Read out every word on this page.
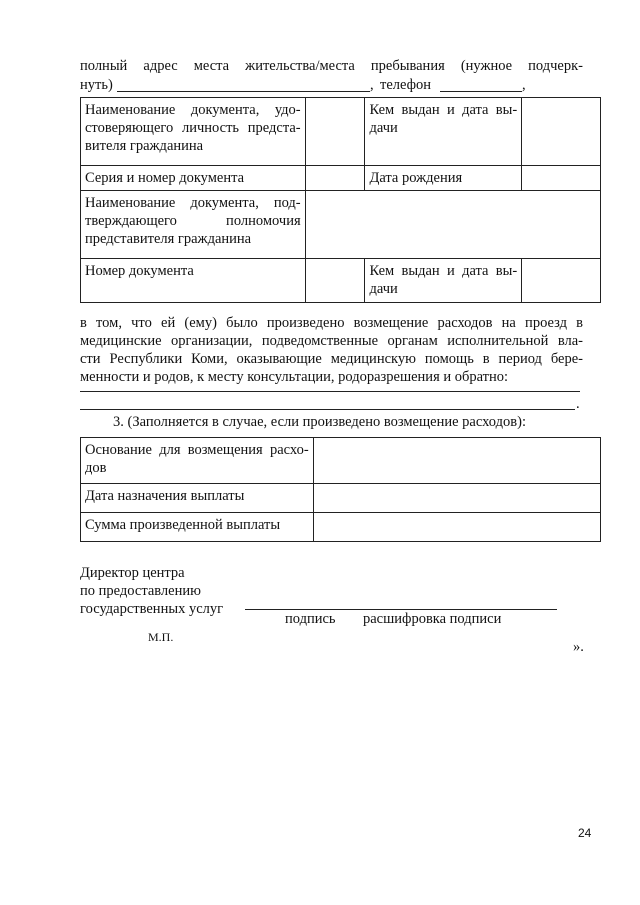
полный адрес места жительства/места пребывания (нужное подчерк-
нуть)	, телефон	,
Наименование документа, удо-
стоверяющего личность предста-
вителя гражданина		Кем выдан и дата вы-
дачи	
Серия и номер документа		Дата рождения	

Наименование документа, под-
тверждающего полномочия
представителя гражданина			
Номер документа		Кем выдан и дата вы-
дачи	
в том, что ей (ему) было произведено возмещение расходов на проезд в
медицинские организации, подведомственные органам исполнительной вла-
сти Республики Коми, оказывающие медицинскую помощь в период бере-
менности и родов, к месту консультации, родоразрешения и обратно:
.
3. (Заполняется в случае, если произведено возмещение расходов):
Основание для возмещения расхо-
дов	
Дата назначения выплаты	
Сумма произведенной выплаты	
Директор центра
по предоставлению
государственных услуг
подпись расшифровка подписи
М.П.
».
24
